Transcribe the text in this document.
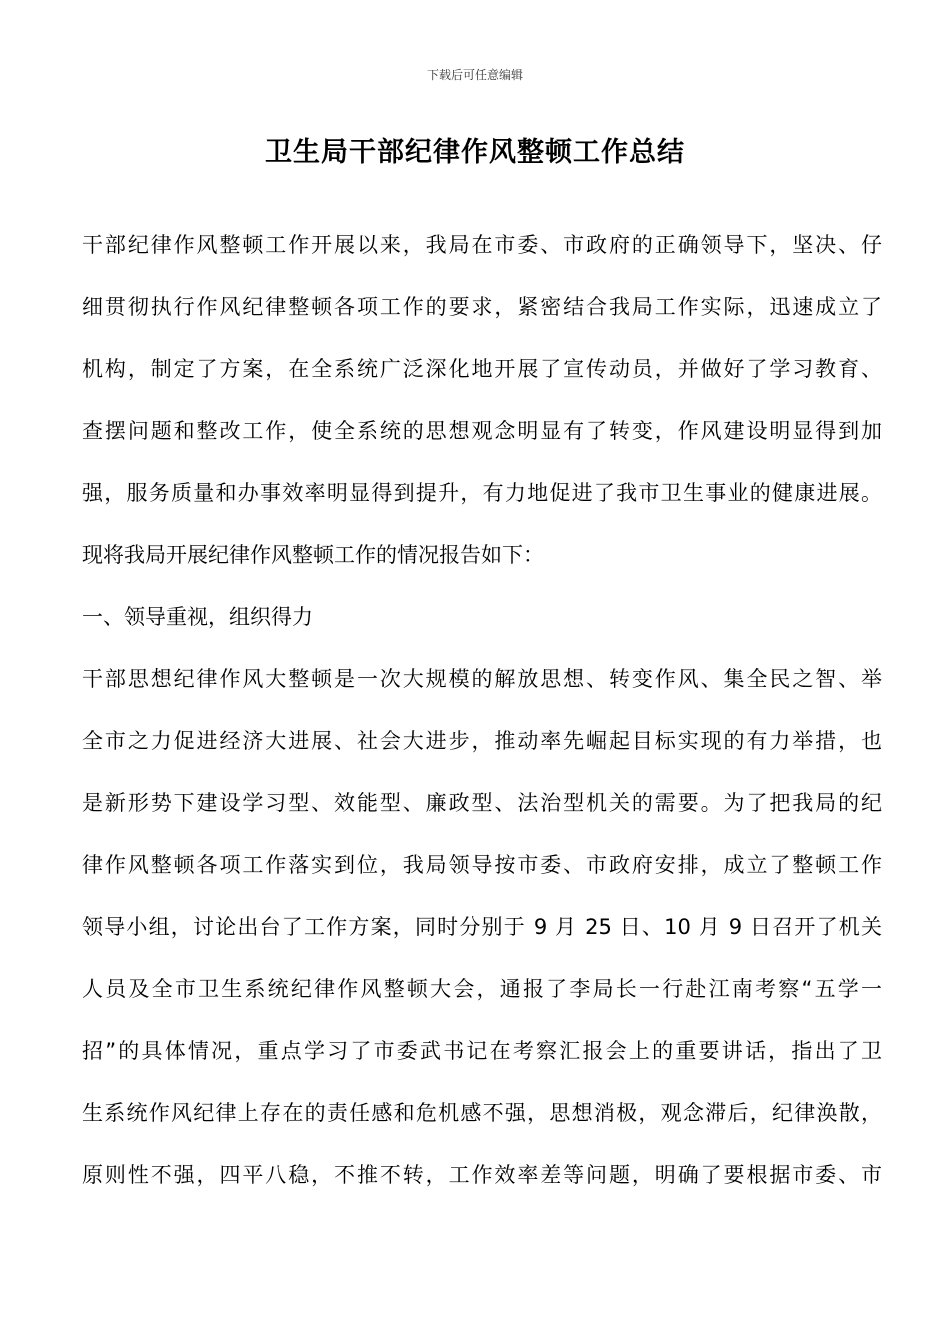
下载后可任意编辑
卫生局干部纪律作风整顿工作总结
干部纪律作风整顿工作开展以来，我局在市委、市政府的正确领导下，坚决、仔
细贯彻执行作风纪律整顿各项工作的要求，紧密结合我局工作实际，迅速成立了
机构，制定了方案，在全系统广泛深化地开展了宣传动员，并做好了学习教育、
查摆问题和整改工作，使全系统的思想观念明显有了转变，作风建设明显得到加
强，服务质量和办事效率明显得到提升，有力地促进了我市卫生事业的健康进展。
现将我局开展纪律作风整顿工作的情况报告如下：
一、领导重视，组织得力
干部思想纪律作风大整顿是一次大规模的解放思想、转变作风、集全民之智、举
全市之力促进经济大进展、社会大进步，推动率先崛起目标实现的有力举措，也
是新形势下建设学习型、效能型、廉政型、法治型机关的需要。为了把我局的纪
律作风整顿各项工作落实到位，我局领导按市委、市政府安排，成立了整顿工作
领导小组，讨论出台了工作方案，同时分别于 9 月 25 日、10 月 9 日召开了机关
人员及全市卫生系统纪律作风整顿大会，通报了李局长一行赴江南考察“五学一
招”的具体情况，重点学习了市委武书记在考察汇报会上的重要讲话，指出了卫
生系统作风纪律上存在的责任感和危机感不强，思想消极，观念滞后，纪律涣散，
原则性不强，四平八稳，不推不转，工作效率差等问题，明确了要根据市委、市
